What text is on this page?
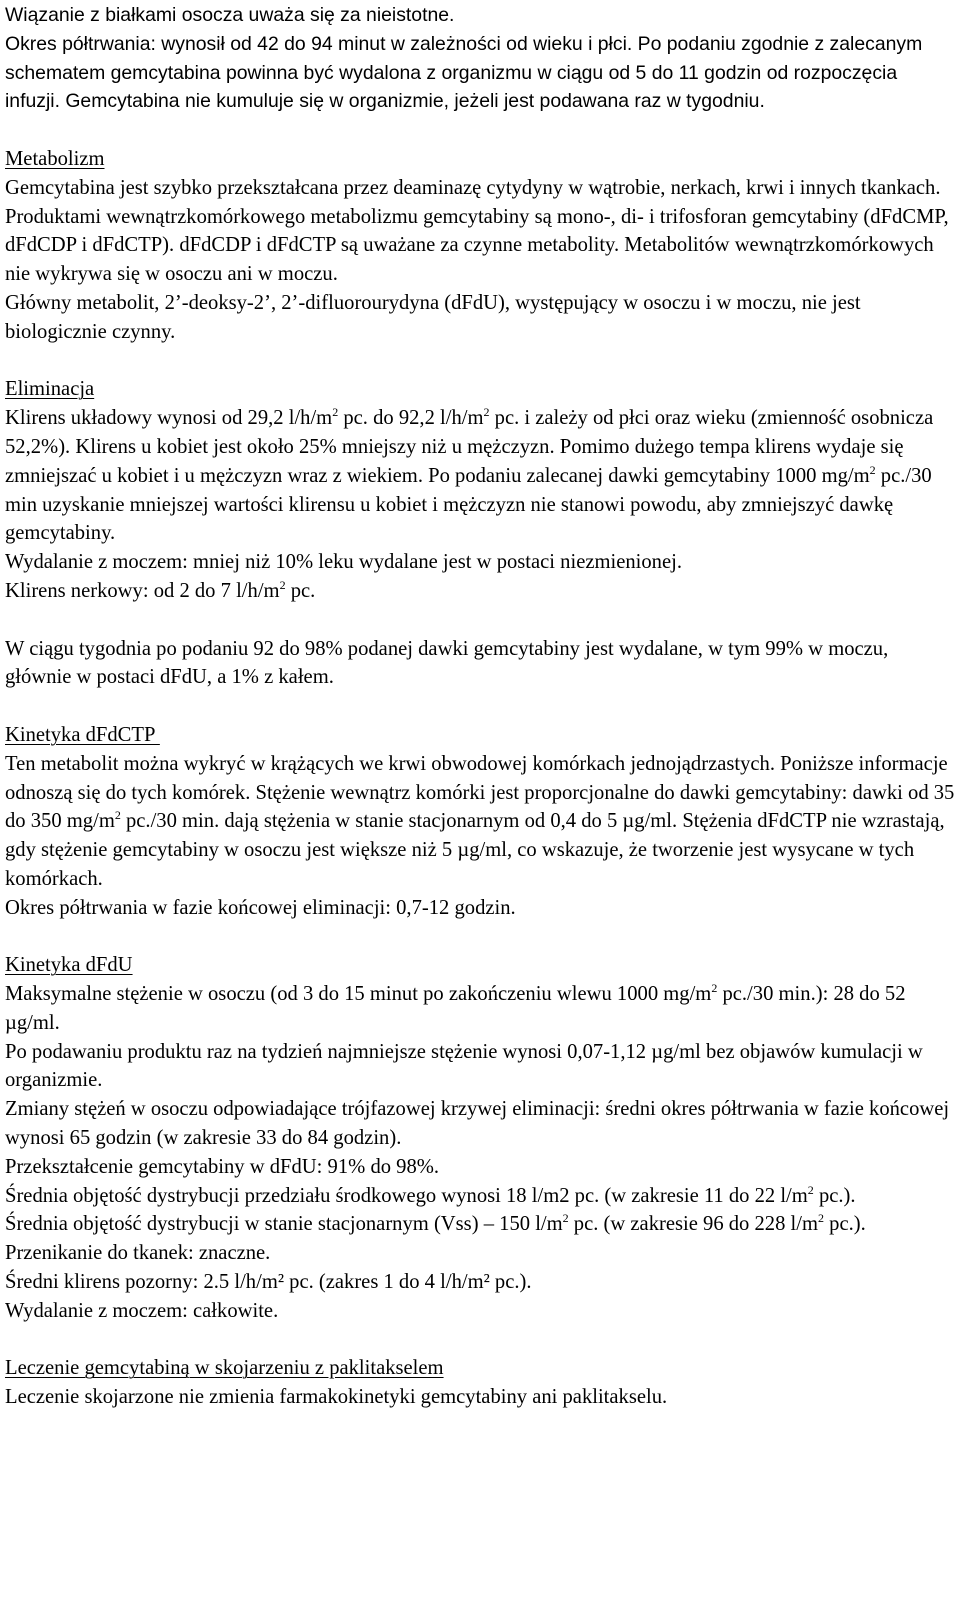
Wiązanie z białkami osocza uważa się za nieistotne.

Okres półtrwania: wynosił od 42 do 94 minut w zależności od wieku i płci. Po podaniu zgodnie z zalecanym schematem gemcytabina powinna być wydalona z organizmu w ciągu od 5 do 11 godzin od rozpoczęcia infuzji. Gemcytabina nie kumuluje się w organizmie, jeżeli jest podawana raz w tygodniu.

Metabolizm

Gemcytabina jest szybko przekształcana przez deaminazę cytydyny w wątrobie, nerkach, krwi i innych tkankach.

Produktami wewnątrzkomórkowego metabolizmu gemcytabiny są mono-, di- i trifosforan gemcytabiny (dFdCMP, dFdCDP i dFdCTP). dFdCDP i dFdCTP są uważane za czynne metabolity. Metabolitów wewnątrzkomórkowych nie wykrywa się w osoczu ani w moczu.

Główny metabolit, 2’-deoksy-2’, 2’-difluorourydyna (dFdU), występujący w osoczu i w moczu, nie jest biologicznie czynny.

Eliminacja

Klirens układowy wynosi od 29,2 $l/h/m^2$ pc. do 92,2 $l/h/m^2$ pc. i zależy od płci oraz wieku (zmienność osobnicza 52,2%). Klirens u kobiet jest około 25% mniejszy niż u mężczyzn. Pomimo dużego tempa klirens wydaje się zmniejszać u kobiet i u mężczyzn wraz z wiekiem. Po podaniu zalecanej dawki gemcytabiny 1000 $mg/m^2$ pc./30 min uzyskanie mniejszej wartości klirensu u kobiet i mężczyzn nie stanowi powodu, aby zmniejszyć dawkę gemcytabiny.

Wydalanie z moczem: mniej niż 10% leku wydalane jest w postaci niezmienionej.

Klirens nerkowy: od 2 do 7 $l/h/m^2$ pc.

W ciągu tygodnia po podaniu 92 do 98% podanej dawki gemcytabiny jest wydalane, w tym 99% w moczu, głównie w postaci dFdU, a 1% z kałem.

Kinetyka dFdCTP

Ten metabolit można wykryć w krążących we krwi obwodowej komórkach jednojądrzastych. Poniższe informacje odnoszą się do tych komórek. Stężenie wewnątrz komórki jest proporcjonalne do dawki gemcytabiny: dawki od 35 do 350 $mg/m^2$ pc./30 min. dają stężenia w stanie stacjonarnym od 0,4 do 5 µg/ml. Stężenia dFdCTP nie wzrastają, gdy stężenie gemcytabiny w osoczu jest większe niż 5 µg/ml, co wskazuje, że tworzenie jest wysycane w tych komórkach.

Okres półtrwania w fazie końcowej eliminacji: 0,7-12 godzin.

Kinetyka dFdU

Maksymalne stężenie w osoczu (od 3 do 15 minut po zakończeniu wlewu 1000 $mg/m^2$ pc./30 min.): 28 do 52 µg/ml.

Po podawaniu produktu raz na tydzień najmniejsze stężenie wynosi 0,07-1,12 µg/ml bez objawów kumulacji w organizmie.

Zmiany stężeń w osoczu odpowiadające trójfazowej krzywej eliminacji: średni okres półtrwania w fazie końcowej wynosi 65 godzin (w zakresie 33 do 84 godzin).

Przekształcenie gemcytabiny w dFdU: 91% do 98%.

Średnia objętość dystrybucji przedziału środkowego wynosi 18 l/m2 pc. (w zakresie 11 do 22 $l/m^2$ pc.).

Średnia objętość dystrybucji w stanie stacjonarnym (Vss) – 150 $l/m^2$ pc. (w zakresie 96 do 228 $l/m^2$ pc.).

Przenikanie do tkanek: znaczne.

Średni klirens pozorny: 2.5 l/h/m² pc. (zakres 1 do 4 l/h/m² pc.).

Wydalanie z moczem: całkowite.

Leczenie gemcytabiną w skojarzeniu z paklitakselem

Leczenie skojarzone nie zmienia farmakokinetyki gemcytabiny ani paklitakselu.
